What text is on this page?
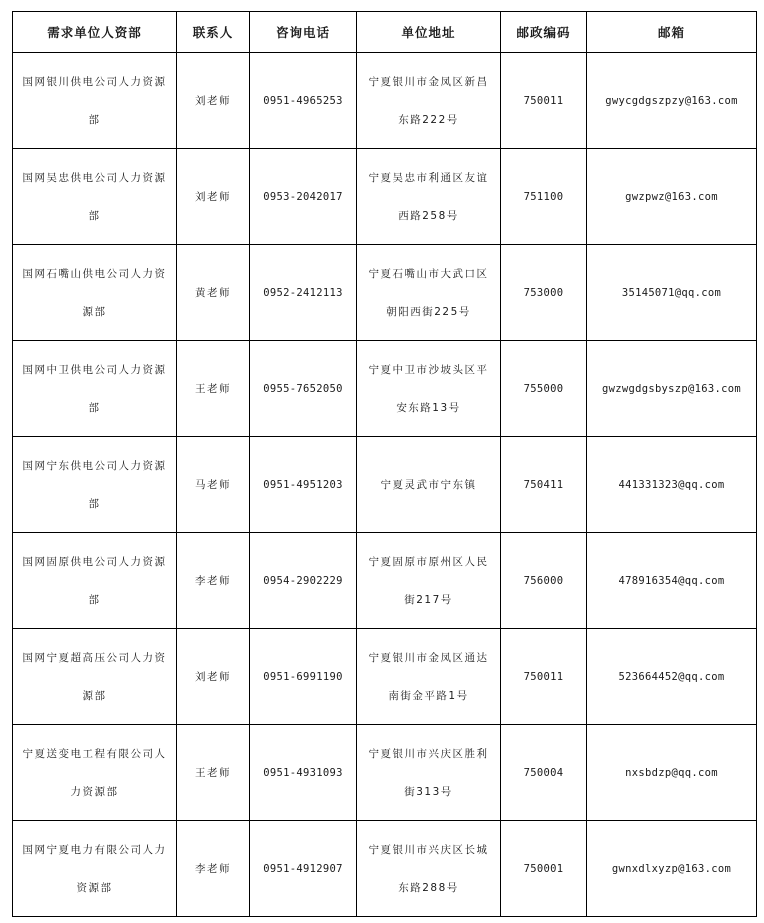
需求单位人资部	联系人	咨询电话	单位地址	邮政编码	邮箱
国网银川供电公司人力资源部	刘老师	0951-4965253	宁夏银川市金凤区新昌东路222号	750011	gwycgdgszpzy@163.com
国网吴忠供电公司人力资源部	刘老师	0953-2042017	宁夏吴忠市利通区友谊西路258号	751100	gwzpwz@163.com
国网石嘴山供电公司人力资源部	黄老师	0952-2412113	宁夏石嘴山市大武口区朝阳西街225号	753000	35145071@qq.com
国网中卫供电公司人力资源部	王老师	0955-7652050	宁夏中卫市沙坡头区平安东路13号	755000	gwzwgdgsbyszp@163.com
国网宁东供电公司人力资源部	马老师	0951-4951203	宁夏灵武市宁东镇	750411	441331323@qq.com
国网固原供电公司人力资源部	李老师	0954-2902229	宁夏固原市原州区人民街217号	756000	478916354@qq.com
国网宁夏超高压公司人力资源部	刘老师	0951-6991190	宁夏银川市金凤区通达南街金平路1号	750011	523664452@qq.com
宁夏送变电工程有限公司人力资源部	王老师	0951-4931093	宁夏银川市兴庆区胜利街313号	750004	nxsbdzp@qq.com
国网宁夏电力有限公司人力资源部	李老师	0951-4912907	宁夏银川市兴庆区长城东路288号	750001	gwnxdlxyzp@163.com
